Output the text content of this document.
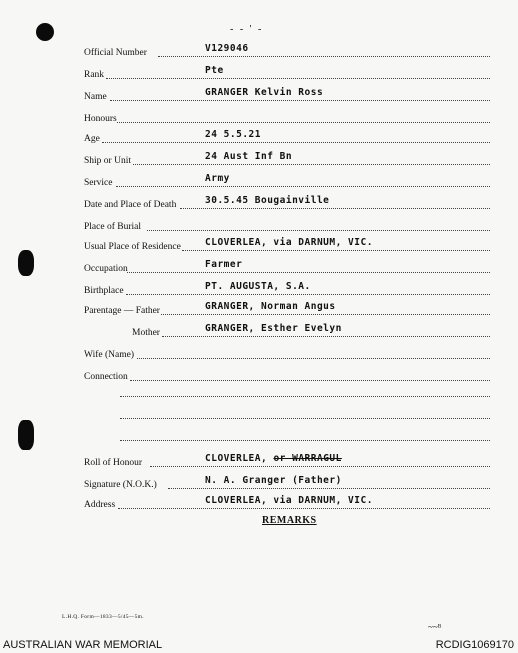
- - ' -
Official Number	V129046
Rank	Pte
Name	GRANGER Kelvin Ross
Honours
Age	24 5.5.21
Ship or Unit	24 Aust Inf Bn
Service	Army
Date and Place of Death	30.5.45 Bougainville
Place of Burial
Usual Place of Residence	CLOVERLEA, via DARNUM, VIC.
Occupation	Farmer
Birthplace	PT. AUGUSTA, S.A.
Parentage — Father	GRANGER, Norman Angus
Mother	GRANGER, Esther Evelyn
Wife (Name)
Connection
Roll of Honour	CLOVERLEA, or WARRAGUL
Signature (N.O.K.)	N. A. Granger (Father)
Address	CLOVERLEA, via DARNUM, VIC.
REMARKS
L.H.Q. Form—1833—5/45—5m.
~~ᴮ
AUSTRALIAN WAR MEMORIAL	RCDIG1069170
